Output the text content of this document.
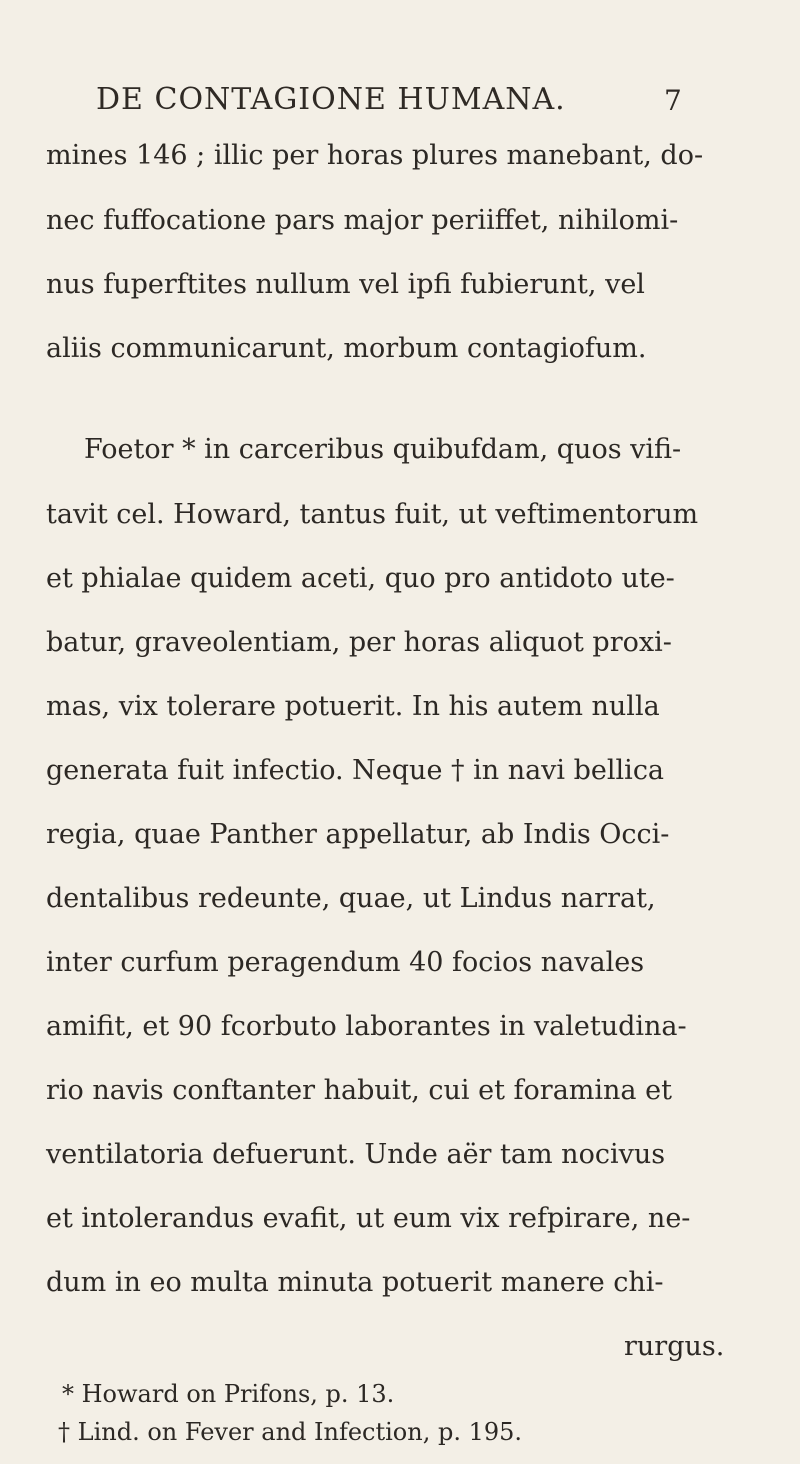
DE CONTAGIONE HUMANA.	7
mines 146 ; illic per horas plures manebant, do-
nec fuffocatione pars major periiffet, nihilomi-
nus fuperftites nullum vel ipfi fubierunt, vel
aliis communicarunt, morbum contagiofum.
Foetor * in carceribus quibufdam, quos vifi-
tavit cel. Howard, tantus fuit, ut veftimentorum
et phialae quidem aceti, quo pro antidoto ute-
batur, graveolentiam, per horas aliquot proxi-
mas, vix tolerare potuerit. In his autem nulla
generata fuit infectio. Neque † in navi bellica
regia, quae Panther appellatur, ab Indis Occi-
dentalibus redeunte, quae, ut Lindus narrat,
inter curfum peragendum 40 focios navales
amifit, et 90 fcorbuto laborantes in valetudina-
rio navis conftanter habuit, cui et foramina et
ventilatoria defuerunt. Unde aër tam nocivus
et intolerandus evafit, ut eum vix refpirare, ne-
dum in eo multa minuta potuerit manere chi-
rurgus.
* Howard on Prifons, p. 13.
† Lind. on Fever and Infection, p. 195.
